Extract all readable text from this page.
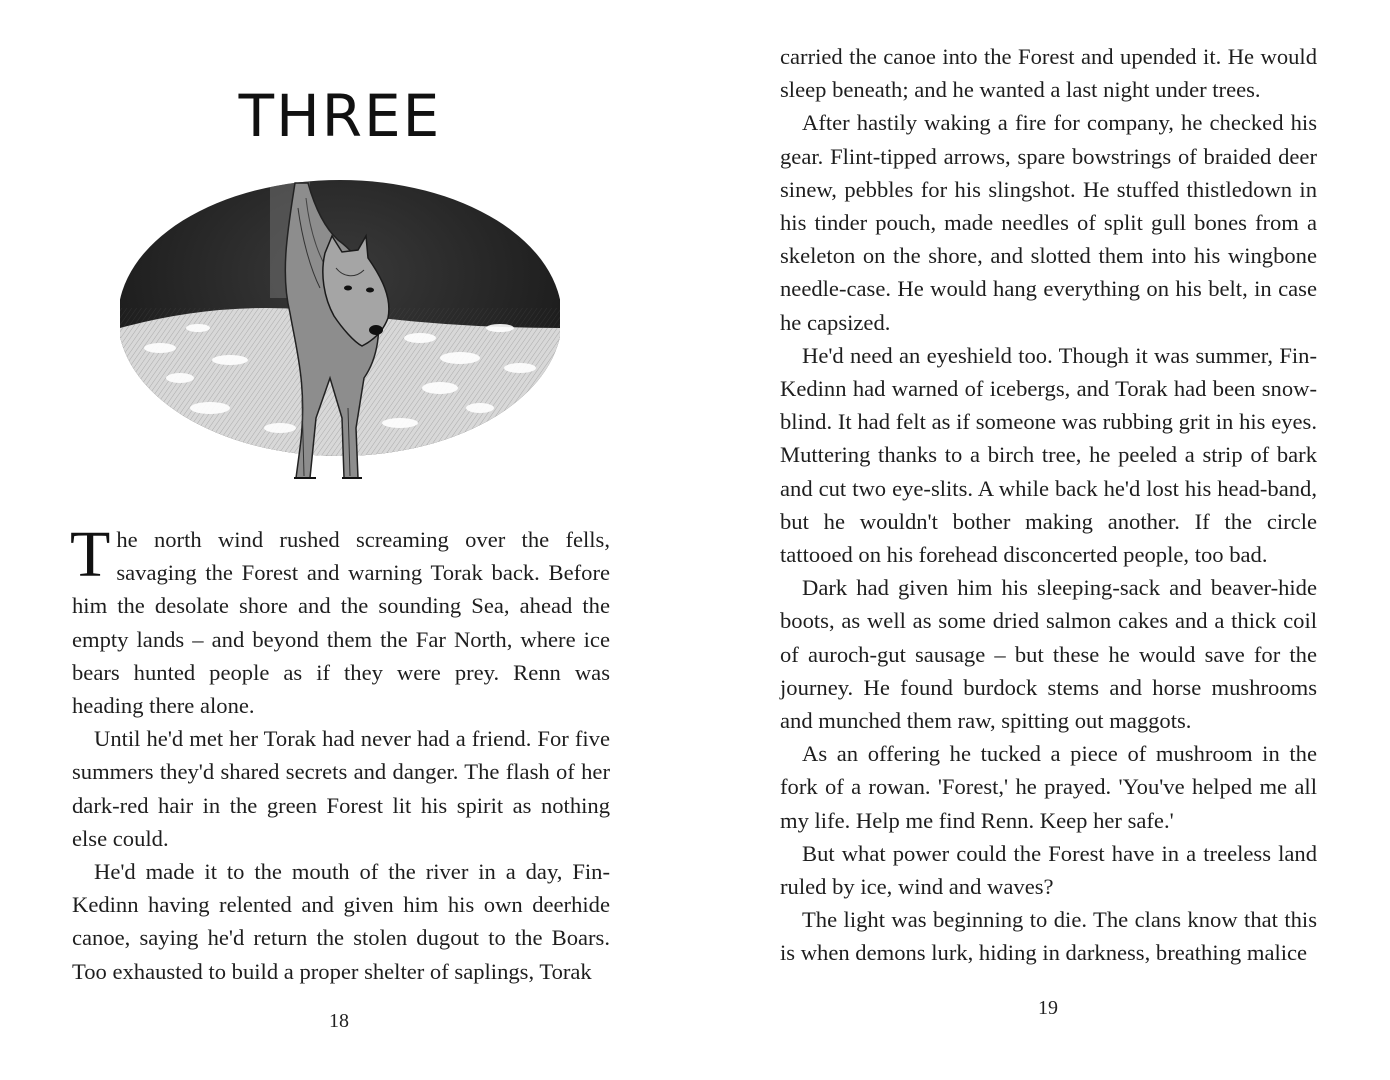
THREE

The north wind rushed screaming over the fells, savaging the Forest and warning Torak back. Before him the desolate shore and the sounding Sea, ahead the empty lands – and beyond them the Far North, where ice bears hunted people as if they were prey. Renn was heading there alone.

Until he'd met her Torak had never had a friend. For five summers they'd shared secrets and danger. The flash of her dark-red hair in the green Forest lit his spirit as nothing else could.

He'd made it to the mouth of the river in a day, Fin-Kedinn having relented and given him his own deerhide canoe, saying he'd return the stolen dugout to the Boars. Too exhausted to build a proper shelter of saplings, Torak

18

carried the canoe into the Forest and upended it. He would sleep beneath; and he wanted a last night under trees.

After hastily waking a fire for company, he checked his gear. Flint-tipped arrows, spare bowstrings of braided deer sinew, pebbles for his slingshot. He stuffed thistledown in his tinder pouch, made needles of split gull bones from a skeleton on the shore, and slotted them into his wingbone needle-case. He would hang everything on his belt, in case he capsized.

He'd need an eyeshield too. Though it was summer, Fin-Kedinn had warned of icebergs, and Torak had been snow-blind. It had felt as if someone was rubbing grit in his eyes. Muttering thanks to a birch tree, he peeled a strip of bark and cut two eye-slits. A while back he'd lost his head-band, but he wouldn't bother making another. If the circle tattooed on his forehead disconcerted people, too bad.

Dark had given him his sleeping-sack and beaver-hide boots, as well as some dried salmon cakes and a thick coil of auroch-gut sausage – but these he would save for the journey. He found burdock stems and horse mushrooms and munched them raw, spitting out maggots.

As an offering he tucked a piece of mushroom in the fork of a rowan. 'Forest,' he prayed. 'You've helped me all my life. Help me find Renn. Keep her safe.'

But what power could the Forest have in a treeless land ruled by ice, wind and waves?

The light was beginning to die. The clans know that this is when demons lurk, hiding in darkness, breathing malice

19
